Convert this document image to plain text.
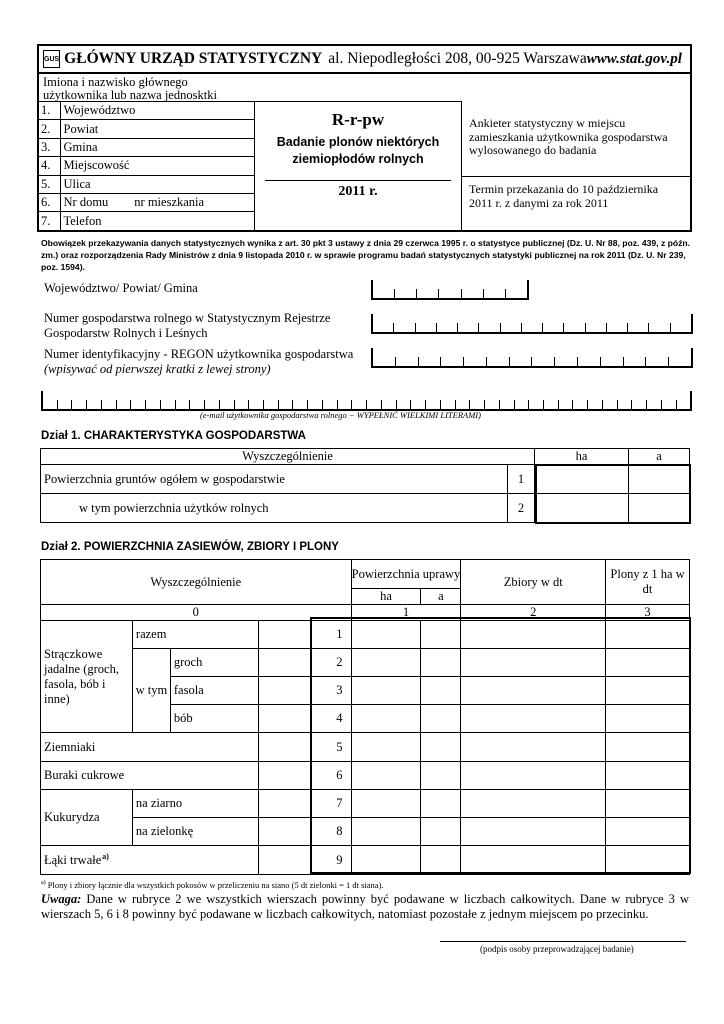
GUS GŁÓWNY URZĄD STATYSTYCZNY al. Niepodległości 208, 00-925 Warszawa www.stat.gov.pl
Imiona i nazwisko głównego użytkownika lub nazwa jednosktki
1.	Województwo
2.	Powiat
3.	Gmina
4.	Miejscowość
5.	Ulica
6.	Nr domu nr mieszkania
7.	Telefon
R-r-pw
Badanie plonów niektórych ziemiopłodów rolnych
2011 r.
Ankieter statystyczny w miejscu zamieszkania użytkownika gospodarstwa wylosowanego do badania
Termin przekazania do 10 października 2011 r. z danymi za rok 2011
Obowiązek przekazywania danych statystycznych wynika z art. 30 pkt 3 ustawy z dnia 29 czerwca 1995 r. o statystyce publicznej (Dz. U. Nr 88, poz. 439, z późn. zm.) oraz rozporządzenia Rady Ministrów z dnia 9 listopada 2010 r. w sprawie programu badań statystycznych statystyki publicznej na rok 2011 (Dz. U. Nr 239, poz. 1594).
Województwo/ Powiat/ Gmina
Numer gospodarstwa rolnego w Statystycznym Rejestrze Gospodarstw Rolnych i Leśnych
Numer identyfikacyjny - REGON użytkownika gospodarstwa
(wpisywać od pierwszej kratki z lewej strony)
(e-mail użytkownika gospodarstwa rolnego − WYPEŁNIĆ WIELKIMI LITERAMI)
Dział 1. CHARAKTERYSTYKA GOSPODARSTWA
Wyszczególnienie		ha	a
Powierzchnia gruntów ogółem w gospodarstwie	1		
w tym powierzchnia użytków rolnych	2		
Dział 2. POWIERZCHNIA ZASIEWÓW, ZBIORY I PLONY
Wyszczególnienie				Powierzchnia uprawy		Zbiory w dt	Plony z 1 ha w dt
				ha	a		
0				1		2	3
Strączkowe jadalne (groch, fasola, bób i inne)	razem		1				
	w tym	groch	2				
		fasola	3				
		bób	4				
Ziemniaki			5				
Buraki cukrowe			6				
Kukurydza	na ziarno		7				
	na zielonkę		8				
Łąki trwałe$^{a)}$			9				
$^{a)}$ Plony i zbiory łącznie dla wszystkich pokosów w przeliczeniu na siano (5 dt zielonki = 1 dt siana).
Uwaga: Dane w rubryce 2 we wszystkich wierszach powinny być podawane w liczbach całkowitych. Dane w rubryce 3 w wierszach 5, 6 i 8 powinny być podawane w liczbach całkowitych, natomiast pozostałe z jednym miejscem po przecinku.
(podpis osoby przeprowadzającej badanie)
